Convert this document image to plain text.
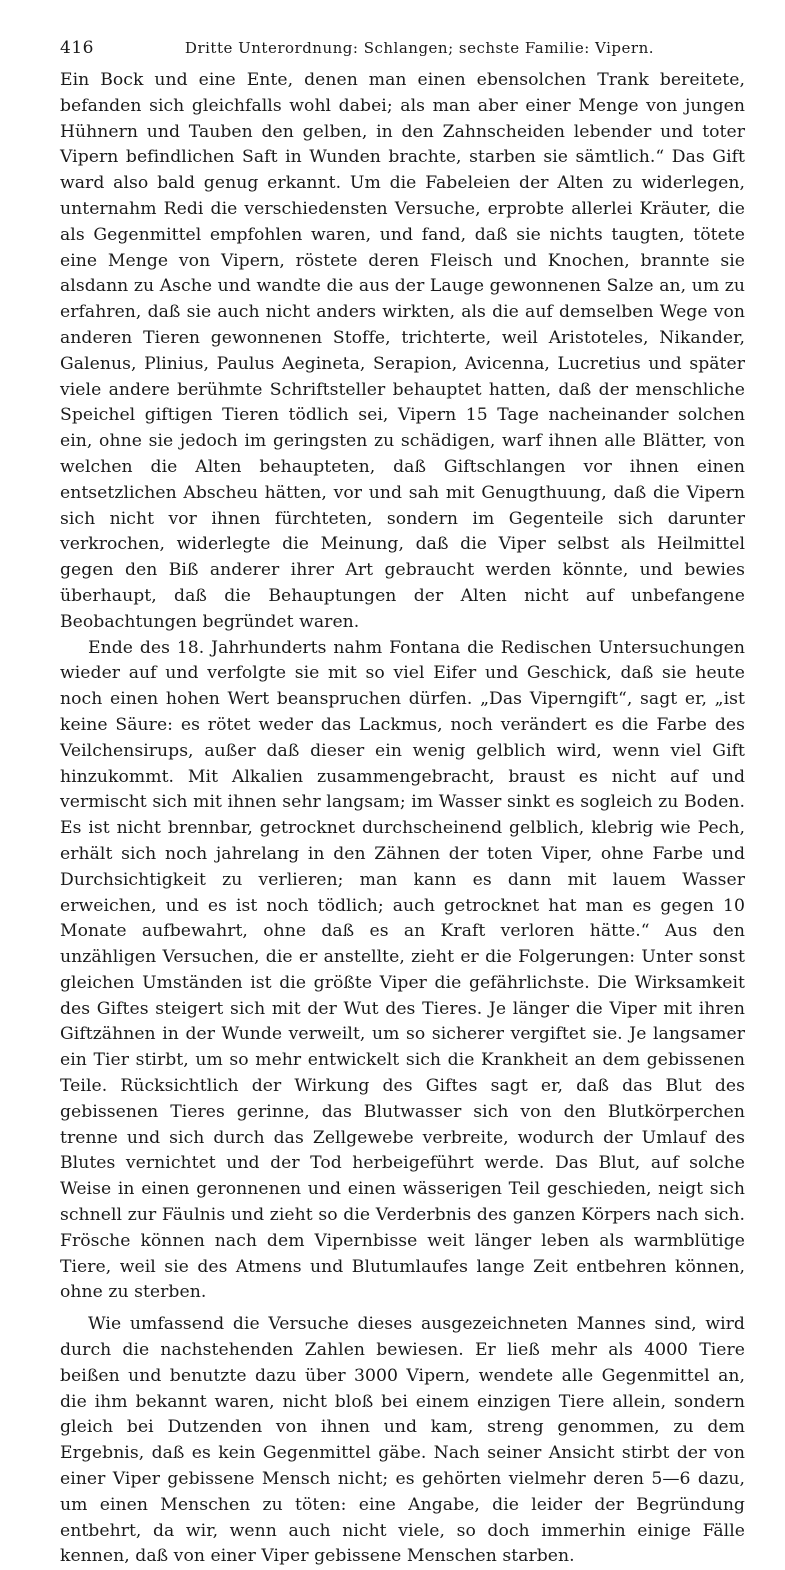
416	Dritte Unterordnung: Schlangen; sechste Familie: Vipern.

Ein Bock und eine Ente, denen man einen ebensolchen Trank bereitete, befanden sich gleichfalls wohl dabei; als man aber einer Menge von jungen Hühnern und Tauben den gelben, in den Zahnscheiden lebender und toter Vipern befindlichen Saft in Wunden brachte, starben sie sämtlich.“ Das Gift ward also bald genug erkannt. Um die Fabeleien der Alten zu widerlegen, unternahm Redi die verschiedensten Versuche, erprobte allerlei Kräuter, die als Gegenmittel empfohlen waren, und fand, daß sie nichts taugten, tötete eine Menge von Vipern, röstete deren Fleisch und Knochen, brannte sie alsdann zu Asche und wandte die aus der Lauge gewonnenen Salze an, um zu erfahren, daß sie auch nicht anders wirkten, als die auf demselben Wege von anderen Tieren gewonnenen Stoffe, trichterte, weil Aristoteles, Nikander, Galenus, Plinius, Paulus Aegineta, Serapion, Avicenna, Lucretius und später viele andere berühmte Schriftsteller behauptet hatten, daß der menschliche Speichel giftigen Tieren tödlich sei, Vipern 15 Tage nacheinander solchen ein, ohne sie jedoch im geringsten zu schädigen, warf ihnen alle Blätter, von welchen die Alten behaupteten, daß Giftschlangen vor ihnen einen entsetzlichen Abscheu hätten, vor und sah mit Genugthuung, daß die Vipern sich nicht vor ihnen fürchteten, sondern im Gegenteile sich darunter verkrochen, widerlegte die Meinung, daß die Viper selbst als Heilmittel gegen den Biß anderer ihrer Art gebraucht werden könnte, und bewies überhaupt, daß die Behauptungen der Alten nicht auf unbefangene Beobachtungen begründet waren.

Ende des 18. Jahrhunderts nahm Fontana die Redischen Untersuchungen wieder auf und verfolgte sie mit so viel Eifer und Geschick, daß sie heute noch einen hohen Wert beanspruchen dürfen. „Das Viperngift“, sagt er, „ist keine Säure: es rötet weder das Lackmus, noch verändert es die Farbe des Veilchensirups, außer daß dieser ein wenig gelblich wird, wenn viel Gift hinzukommt. Mit Alkalien zusammengebracht, braust es nicht auf und vermischt sich mit ihnen sehr langsam; im Wasser sinkt es sogleich zu Boden. Es ist nicht brennbar, getrocknet durchscheinend gelblich, klebrig wie Pech, erhält sich noch jahrelang in den Zähnen der toten Viper, ohne Farbe und Durchsichtigkeit zu verlieren; man kann es dann mit lauem Wasser erweichen, und es ist noch tödlich; auch getrocknet hat man es gegen 10 Monate aufbewahrt, ohne daß es an Kraft verloren hätte.“ Aus den unzähligen Versuchen, die er anstellte, zieht er die Folgerungen: Unter sonst gleichen Umständen ist die größte Viper die gefährlichste. Die Wirksamkeit des Giftes steigert sich mit der Wut des Tieres. Je länger die Viper mit ihren Giftzähnen in der Wunde verweilt, um so sicherer vergiftet sie. Je langsamer ein Tier stirbt, um so mehr entwickelt sich die Krankheit an dem gebissenen Teile. Rücksichtlich der Wirkung des Giftes sagt er, daß das Blut des gebissenen Tieres gerinne, das Blutwasser sich von den Blutkörperchen trenne und sich durch das Zellgewebe verbreite, wodurch der Umlauf des Blutes vernichtet und der Tod herbeigeführt werde. Das Blut, auf solche Weise in einen geronnenen und einen wässerigen Teil geschieden, neigt sich schnell zur Fäulnis und zieht so die Verderbnis des ganzen Körpers nach sich. Frösche können nach dem Vipernbisse weit länger leben als warmblütige Tiere, weil sie des Atmens und Blutumlaufes lange Zeit entbehren können, ohne zu sterben.

Wie umfassend die Versuche dieses ausgezeichneten Mannes sind, wird durch die nachstehenden Zahlen bewiesen. Er ließ mehr als 4000 Tiere beißen und benutzte dazu über 3000 Vipern, wendete alle Gegenmittel an, die ihm bekannt waren, nicht bloß bei einem einzigen Tiere allein, sondern gleich bei Dutzenden von ihnen und kam, streng genommen, zu dem Ergebnis, daß es kein Gegenmittel gäbe. Nach seiner Ansicht stirbt der von einer Viper gebissene Mensch nicht; es gehörten vielmehr deren 5—6 dazu, um einen Menschen zu töten: eine Angabe, die leider der Begründung entbehrt, da wir, wenn auch nicht viele, so doch immerhin einige Fälle kennen, daß von einer Viper gebissene Menschen starben.
